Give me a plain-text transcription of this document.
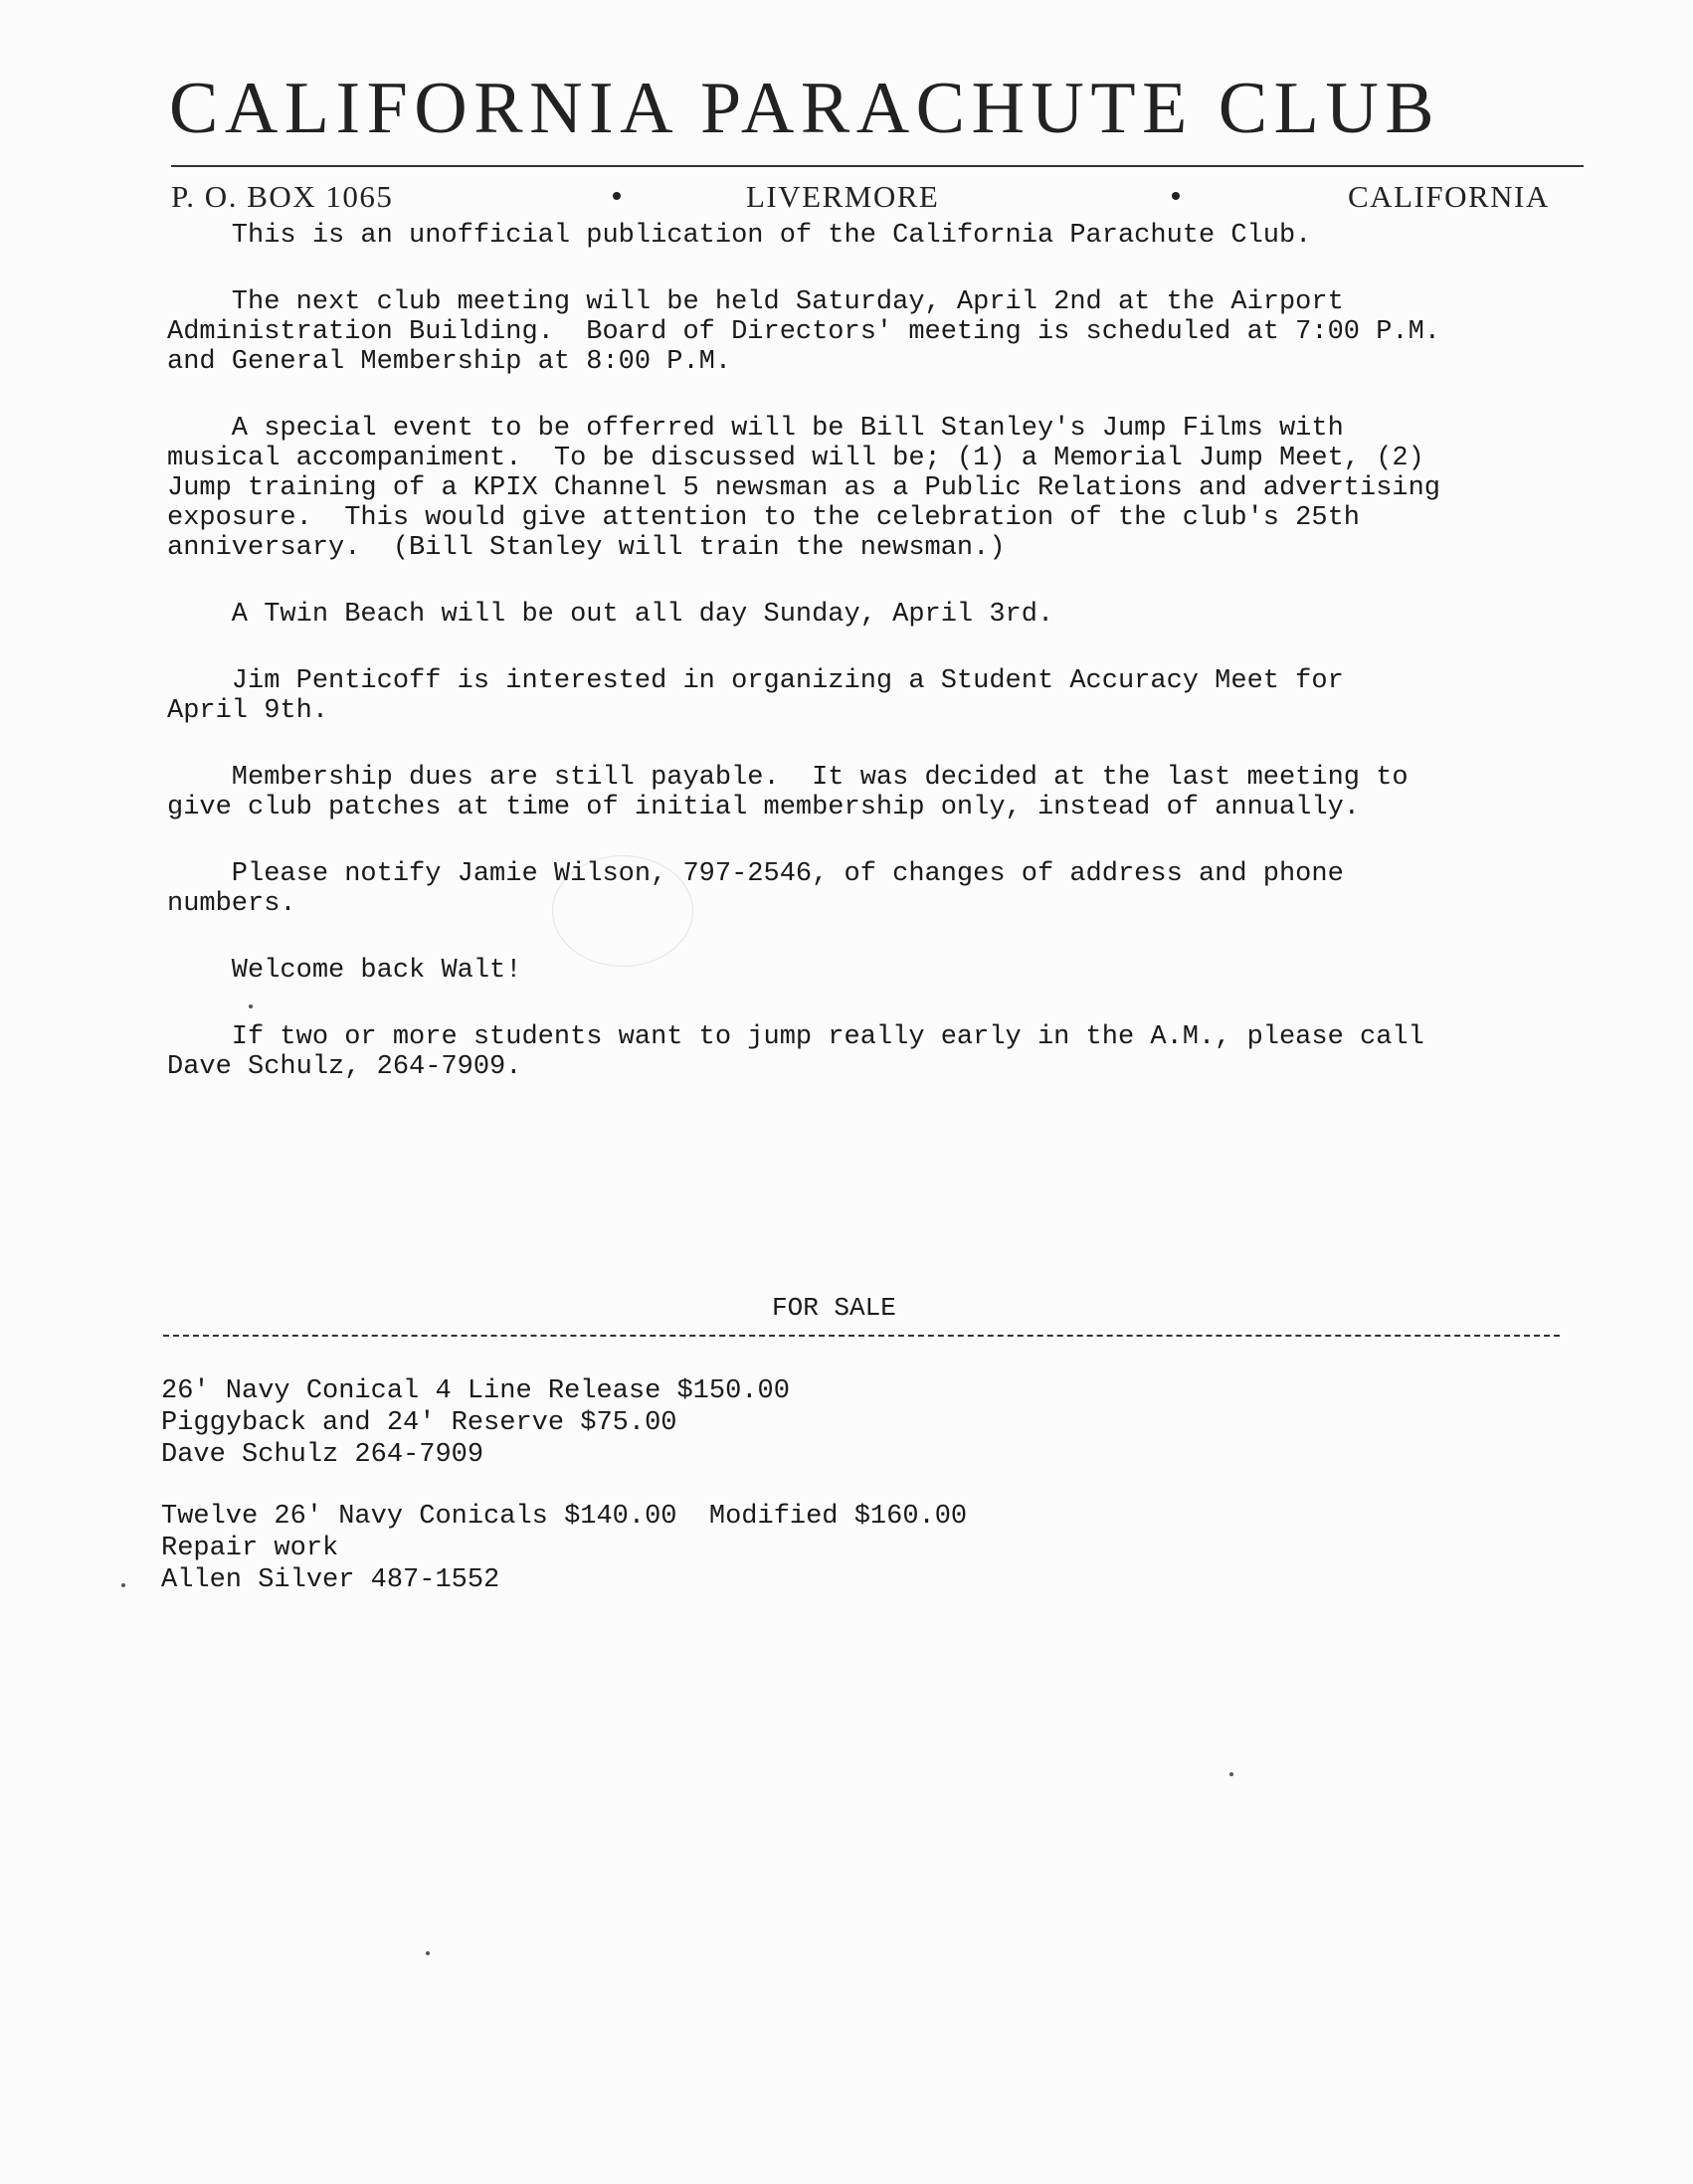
CALIFORNIA PARACHUTE CLUB
P. O. BOX 1065	LIVERMORE	CALIFORNIA
This is an unofficial publication of the California Parachute Club.
The next club meeting will be held Saturday, April 2nd at the Airport
Administration Building.  Board of Directors' meeting is scheduled at 7:00 P.M.
and General Membership at 8:00 P.M.
A special event to be offerred will be Bill Stanley's Jump Films with
musical accompaniment.  To be discussed will be; (1) a Memorial Jump Meet, (2)
Jump training of a KPIX Channel 5 newsman as a Public Relations and advertising
exposure.  This would give attention to the celebration of the club's 25th
anniversary.  (Bill Stanley will train the newsman.)
A Twin Beach will be out all day Sunday, April 3rd.
Jim Penticoff is interested in organizing a Student Accuracy Meet for
April 9th.
Membership dues are still payable.  It was decided at the last meeting to
give club patches at time of initial membership only, instead of annually.
Please notify Jamie Wilson, 797-2546, of changes of address and phone
numbers.
Welcome back Walt!
If two or more students want to jump really early in the A.M., please call
Dave Schulz, 264-7909.
FOR SALE
26' Navy Conical 4 Line Release $150.00
Piggyback and 24' Reserve $75.00
Dave Schulz 264-7909
Twelve 26' Navy Conicals $140.00  Modified $160.00
Repair work
Allen Silver 487-1552
